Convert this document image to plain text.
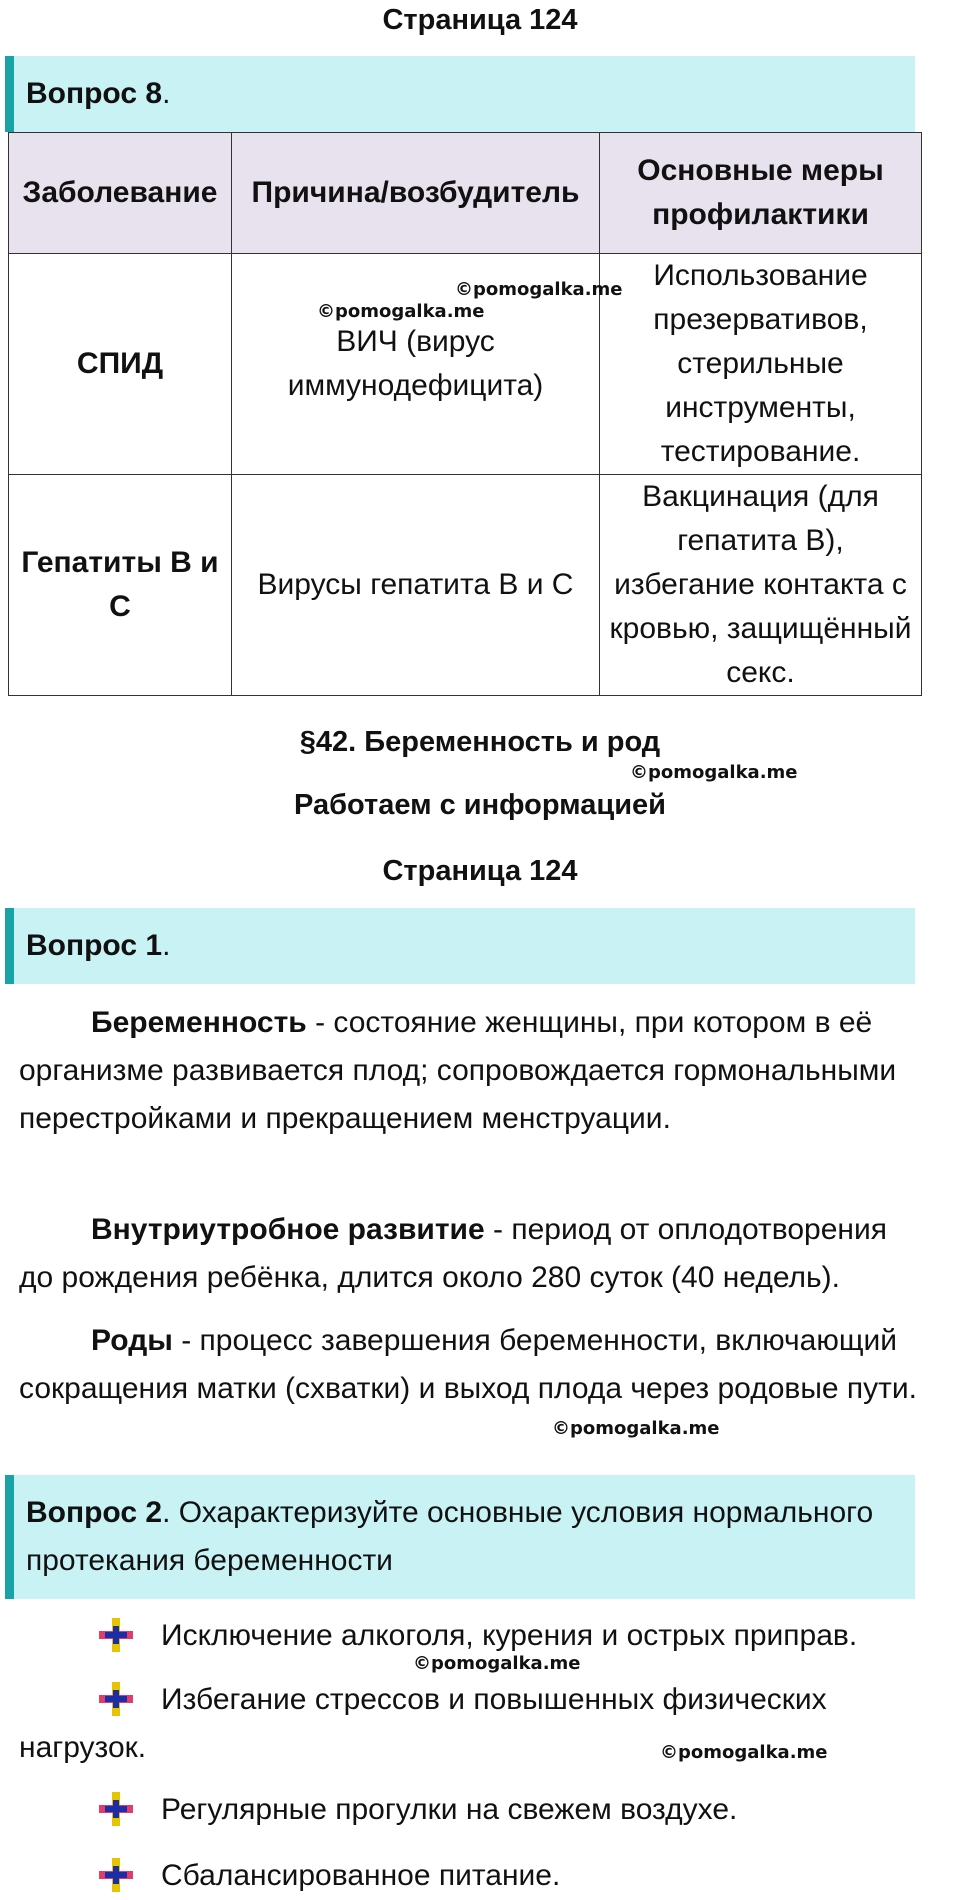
Страница 124
Вопрос 8.
Заболевание	Причина/возбудитель	Основные меры профилактики
СПИД	ВИЧ (вирус иммунодефицита)	Использование презервативов, стерильные инструменты, тестирование.
Гепатиты В и С	Вирусы гепатита В и С	Вакцинация (для гепатита В), избегание контакта с кровью, защищённый секс.
§42. Беременность и род
Работаем с информацией
Страница 124
Вопрос 1.
Беременность - состояние женщины, при котором в её организме развивается плод; сопровождается гормональными перестройками и прекращением менструации.
Внутриутробное развитие - период от оплодотворения до рождения ребёнка, длится около 280 суток (40 недель).
Роды - процесс завершения беременности, включающий сокращения матки (схватки) и выход плода через родовые пути.
Вопрос 2. Охарактеризуйте основные условия нормального протекания беременности
Исключение алкоголя, курения и острых приправ.
Избегание стрессов и повышенных физических нагрузок.
Регулярные прогулки на свежем воздухе.
Сбалансированное питание.
©pomogalka.me
©pomogalka.me
©pomogalka.me
©pomogalka.me
©pomogalka.me
©pomogalka.me
